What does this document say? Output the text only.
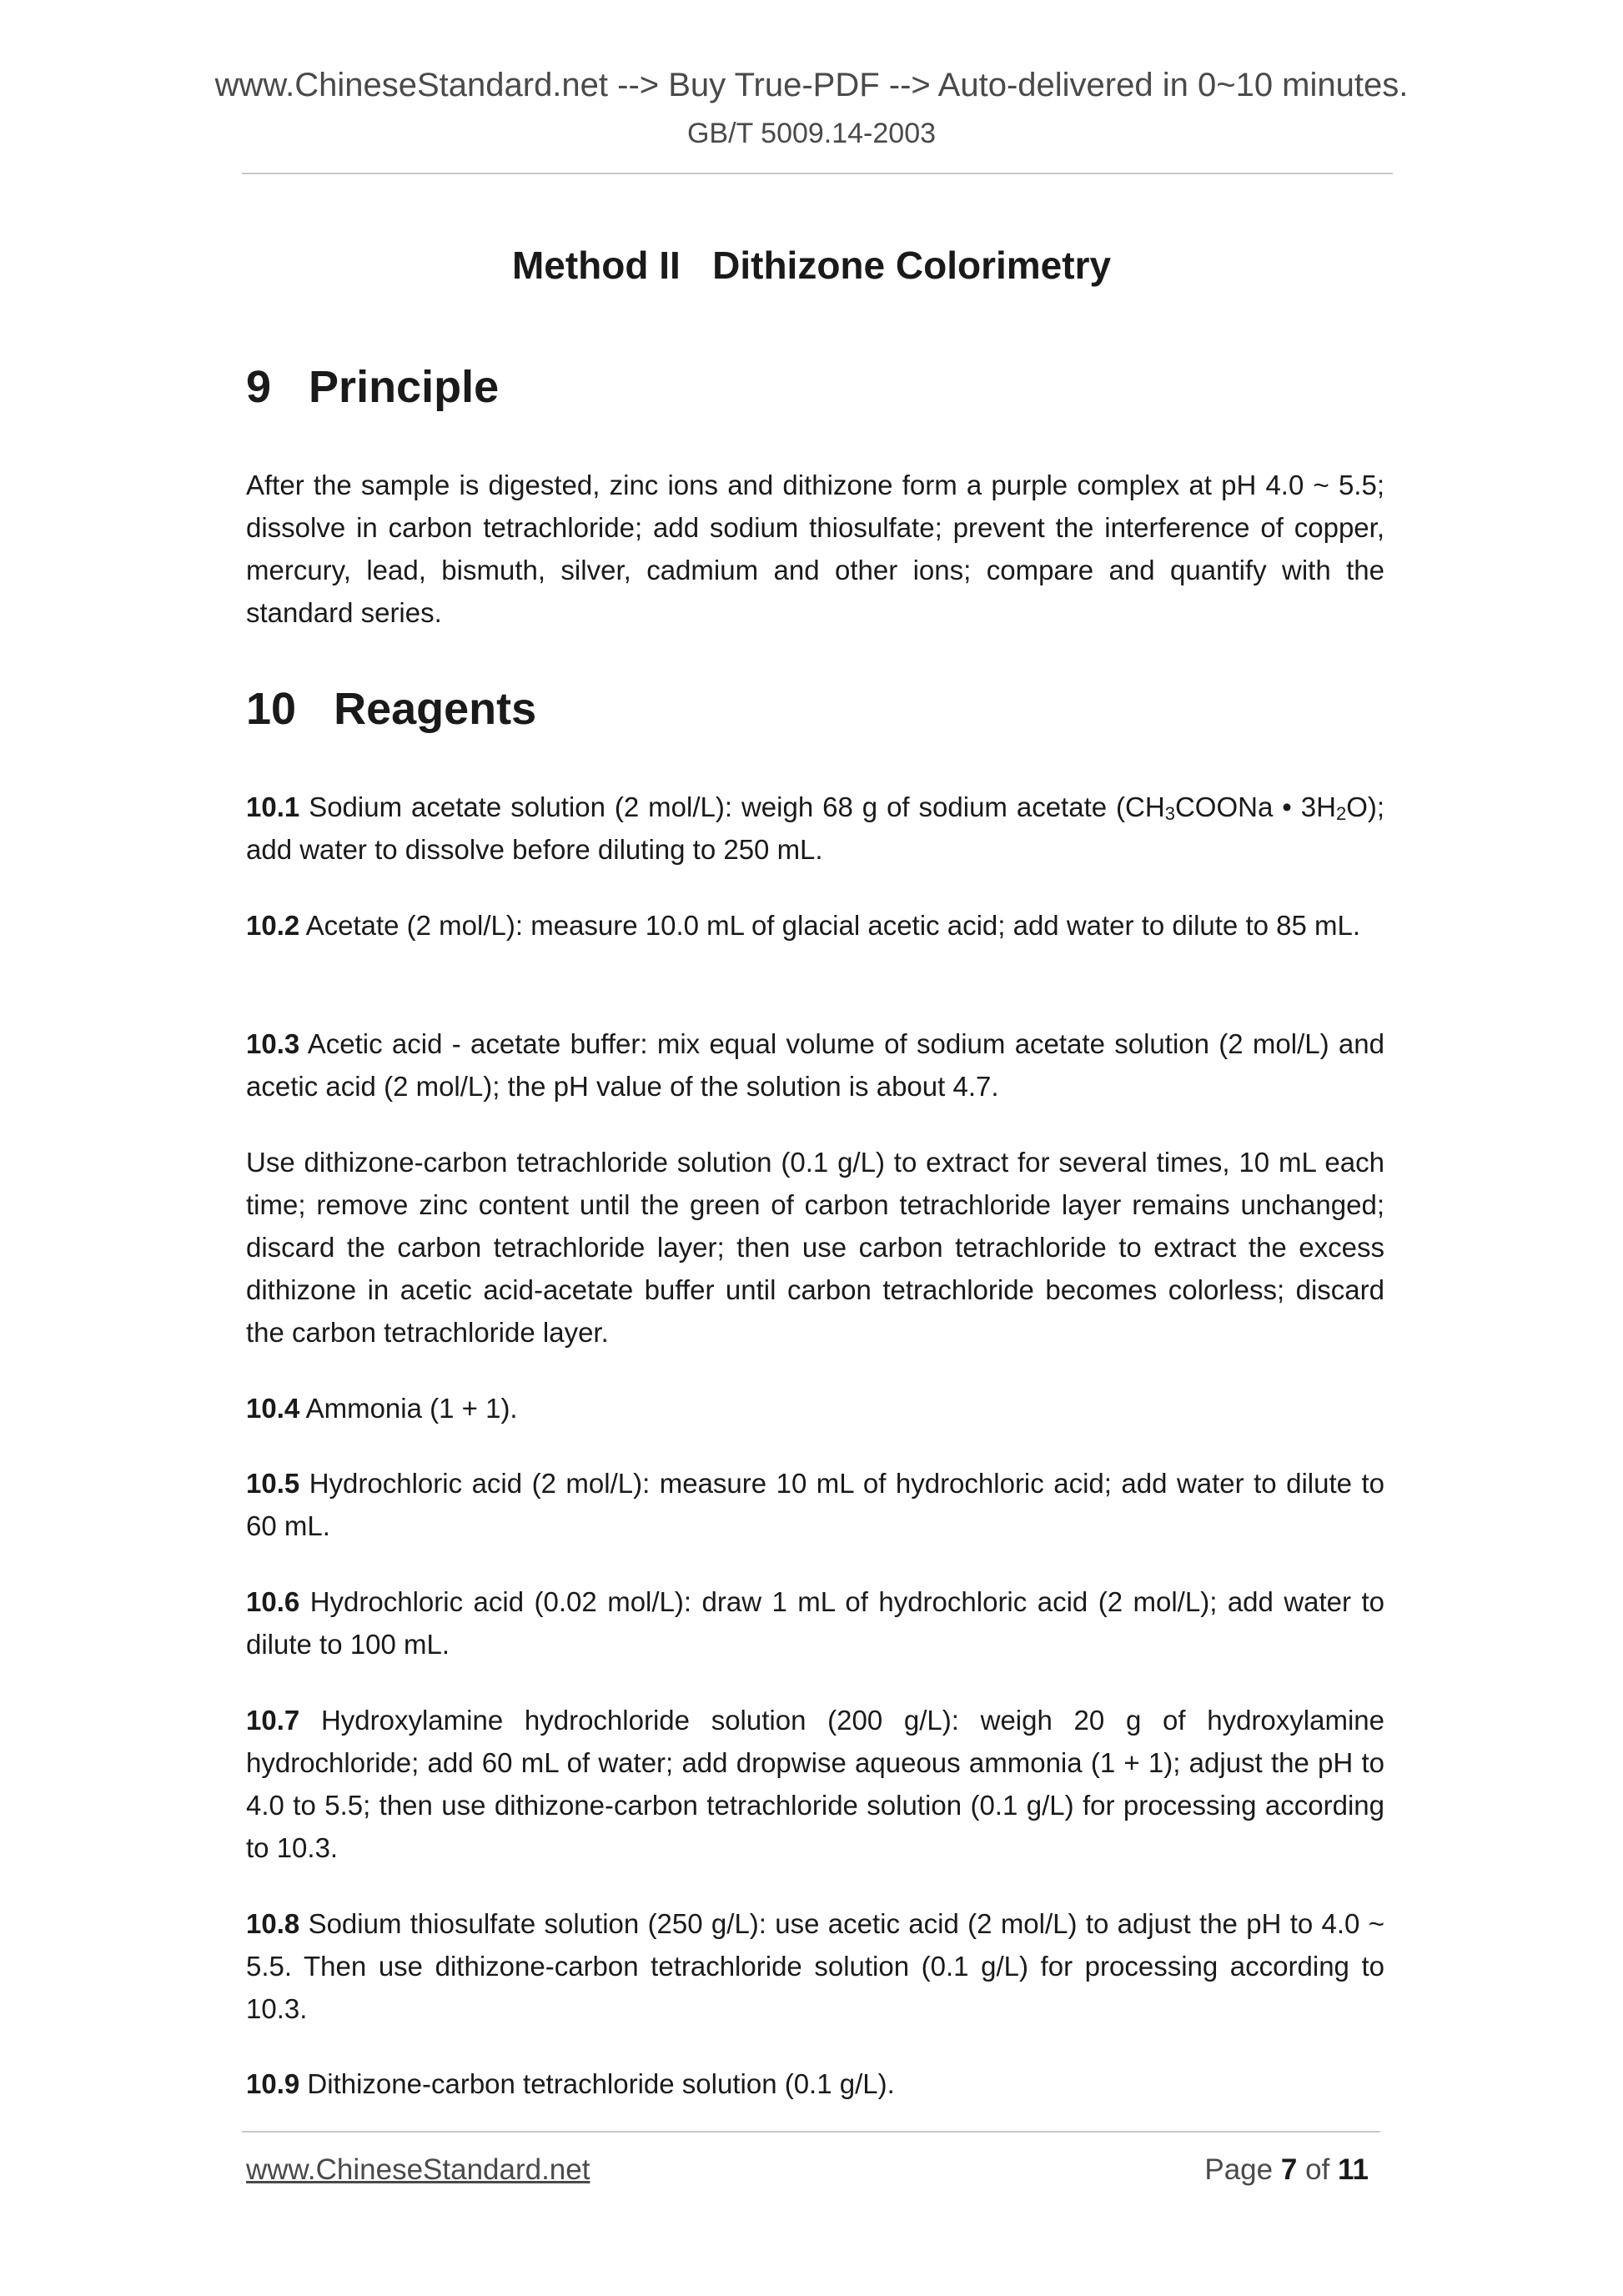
www.ChineseStandard.net --> Buy True-PDF --> Auto-delivered in 0~10 minutes.
GB/T 5009.14-2003
Method II   Dithizone Colorimetry
9   Principle

After the sample is digested, zinc ions and dithizone form a purple complex at pH 4.0 ~ 5.5; dissolve in carbon tetrachloride; add sodium thiosulfate; prevent the interference of copper, mercury, lead, bismuth, silver, cadmium and other ions; compare and quantify with the standard series.

10   Reagents

10.1 Sodium acetate solution (2 mol/L): weigh 68 g of sodium acetate ($CH_3COONa$ • $3H_2O$); add water to dissolve before diluting to 250 mL.

10.2 Acetate (2 mol/L): measure 10.0 mL of glacial acetic acid; add water to dilute to 85 mL.

10.3 Acetic acid - acetate buffer: mix equal volume of sodium acetate solution (2 mol/L) and acetic acid (2 mol/L); the pH value of the solution is about 4.7.

Use dithizone-carbon tetrachloride solution (0.1 g/L) to extract for several times, 10 mL each time; remove zinc content until the green of carbon tetrachloride layer remains unchanged; discard the carbon tetrachloride layer; then use carbon tetrachloride to extract the excess dithizone in acetic acid-acetate buffer until carbon tetrachloride becomes colorless; discard the carbon tetrachloride layer.

10.4 Ammonia (1 + 1).

10.5 Hydrochloric acid (2 mol/L): measure 10 mL of hydrochloric acid; add water to dilute to 60 mL.

10.6 Hydrochloric acid (0.02 mol/L): draw 1 mL of hydrochloric acid (2 mol/L); add water to dilute to 100 mL.

10.7 Hydroxylamine hydrochloride solution (200 g/L): weigh 20 g of hydroxylamine hydrochloride; add 60 mL of water; add dropwise aqueous ammonia (1 + 1); adjust the pH to 4.0 to 5.5; then use dithizone-carbon tetrachloride solution (0.1 g/L) for processing according to 10.3.

10.8 Sodium thiosulfate solution (250 g/L): use acetic acid (2 mol/L) to adjust the pH to 4.0 ~ 5.5. Then use dithizone-carbon tetrachloride solution (0.1 g/L) for processing according to 10.3.

10.9 Dithizone-carbon tetrachloride solution (0.1 g/L).

www.ChineseStandard.net	Page 7 of 11
